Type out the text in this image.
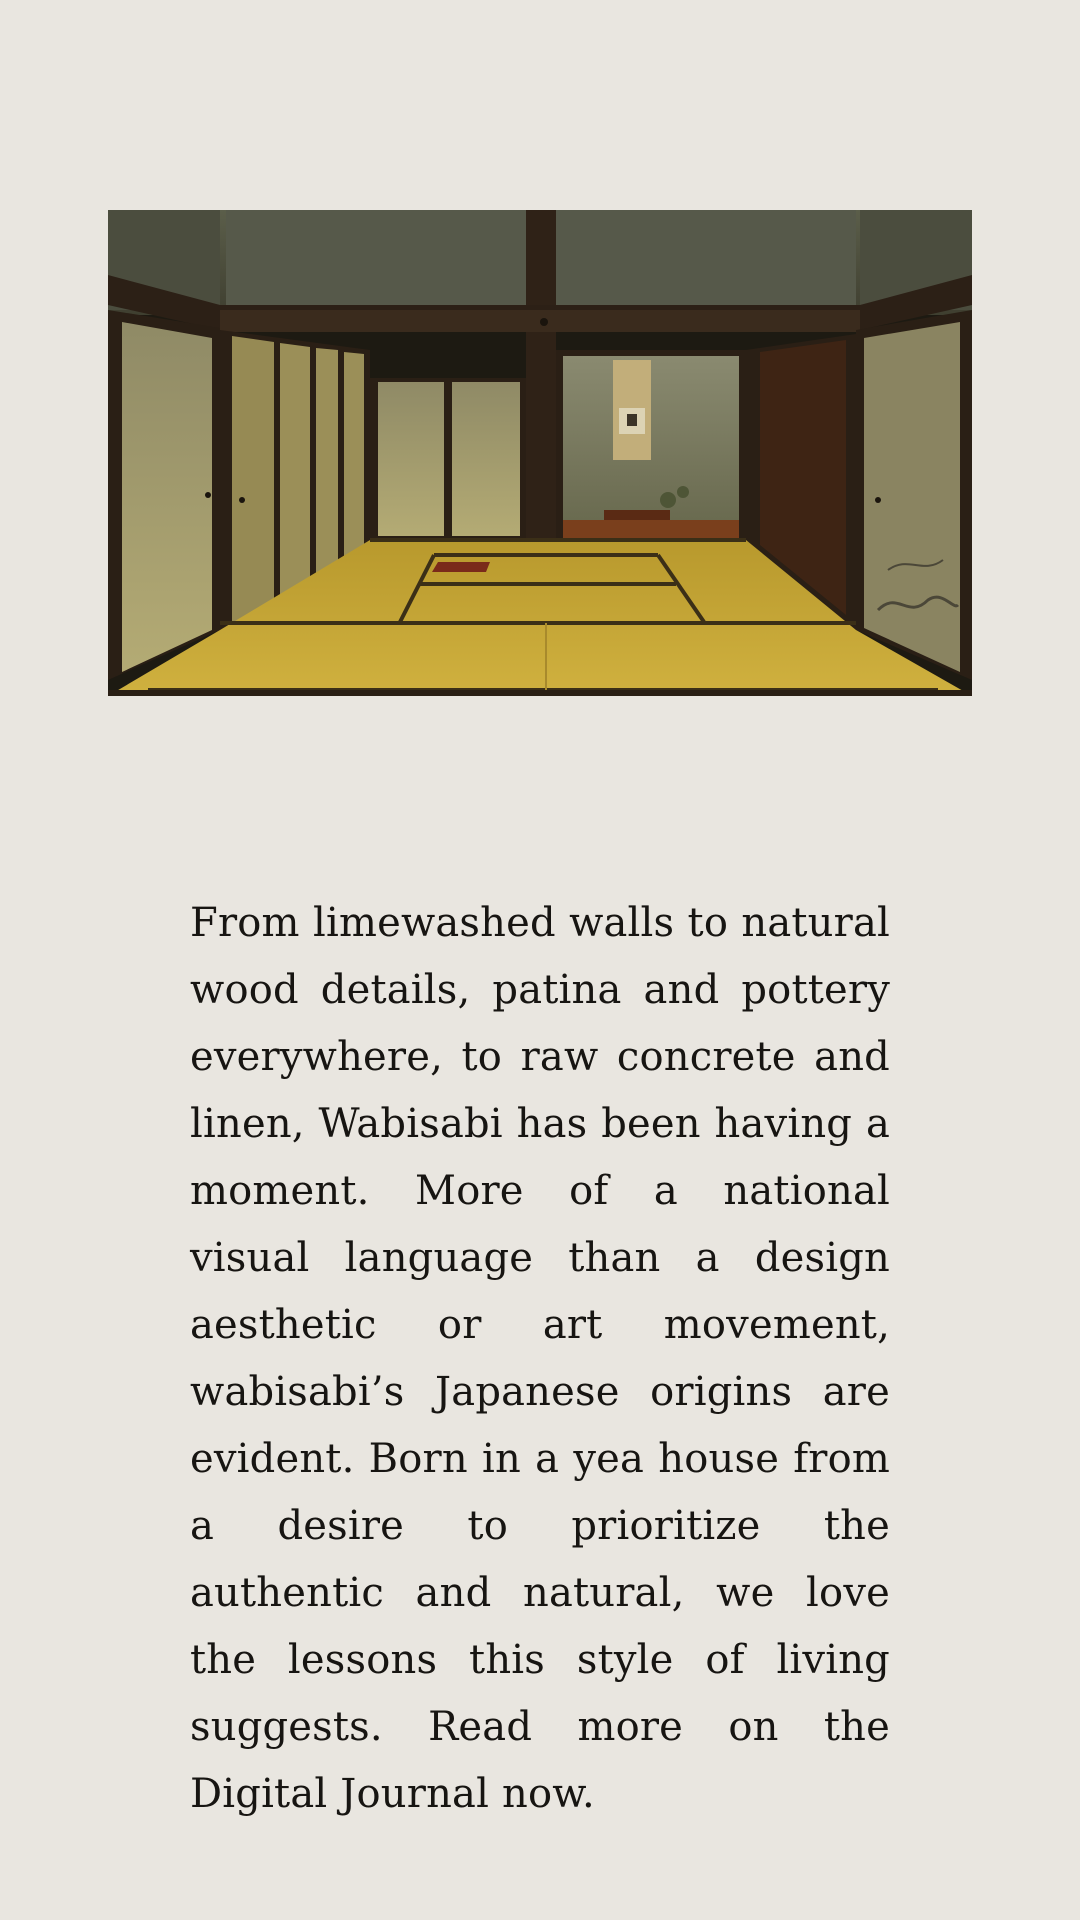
From limewashed walls to natural wood details, patina and pottery everywhere, to raw concrete and linen, Wabisabi has been having a moment. More of a national visual language than a design aesthetic or art movement, wabisabi’s Japanese origins are evident. Born in a yea house from a desire to prioritize the authentic and natural, we love the lessons this style of living suggests. Read more on the Digital Journal now.
